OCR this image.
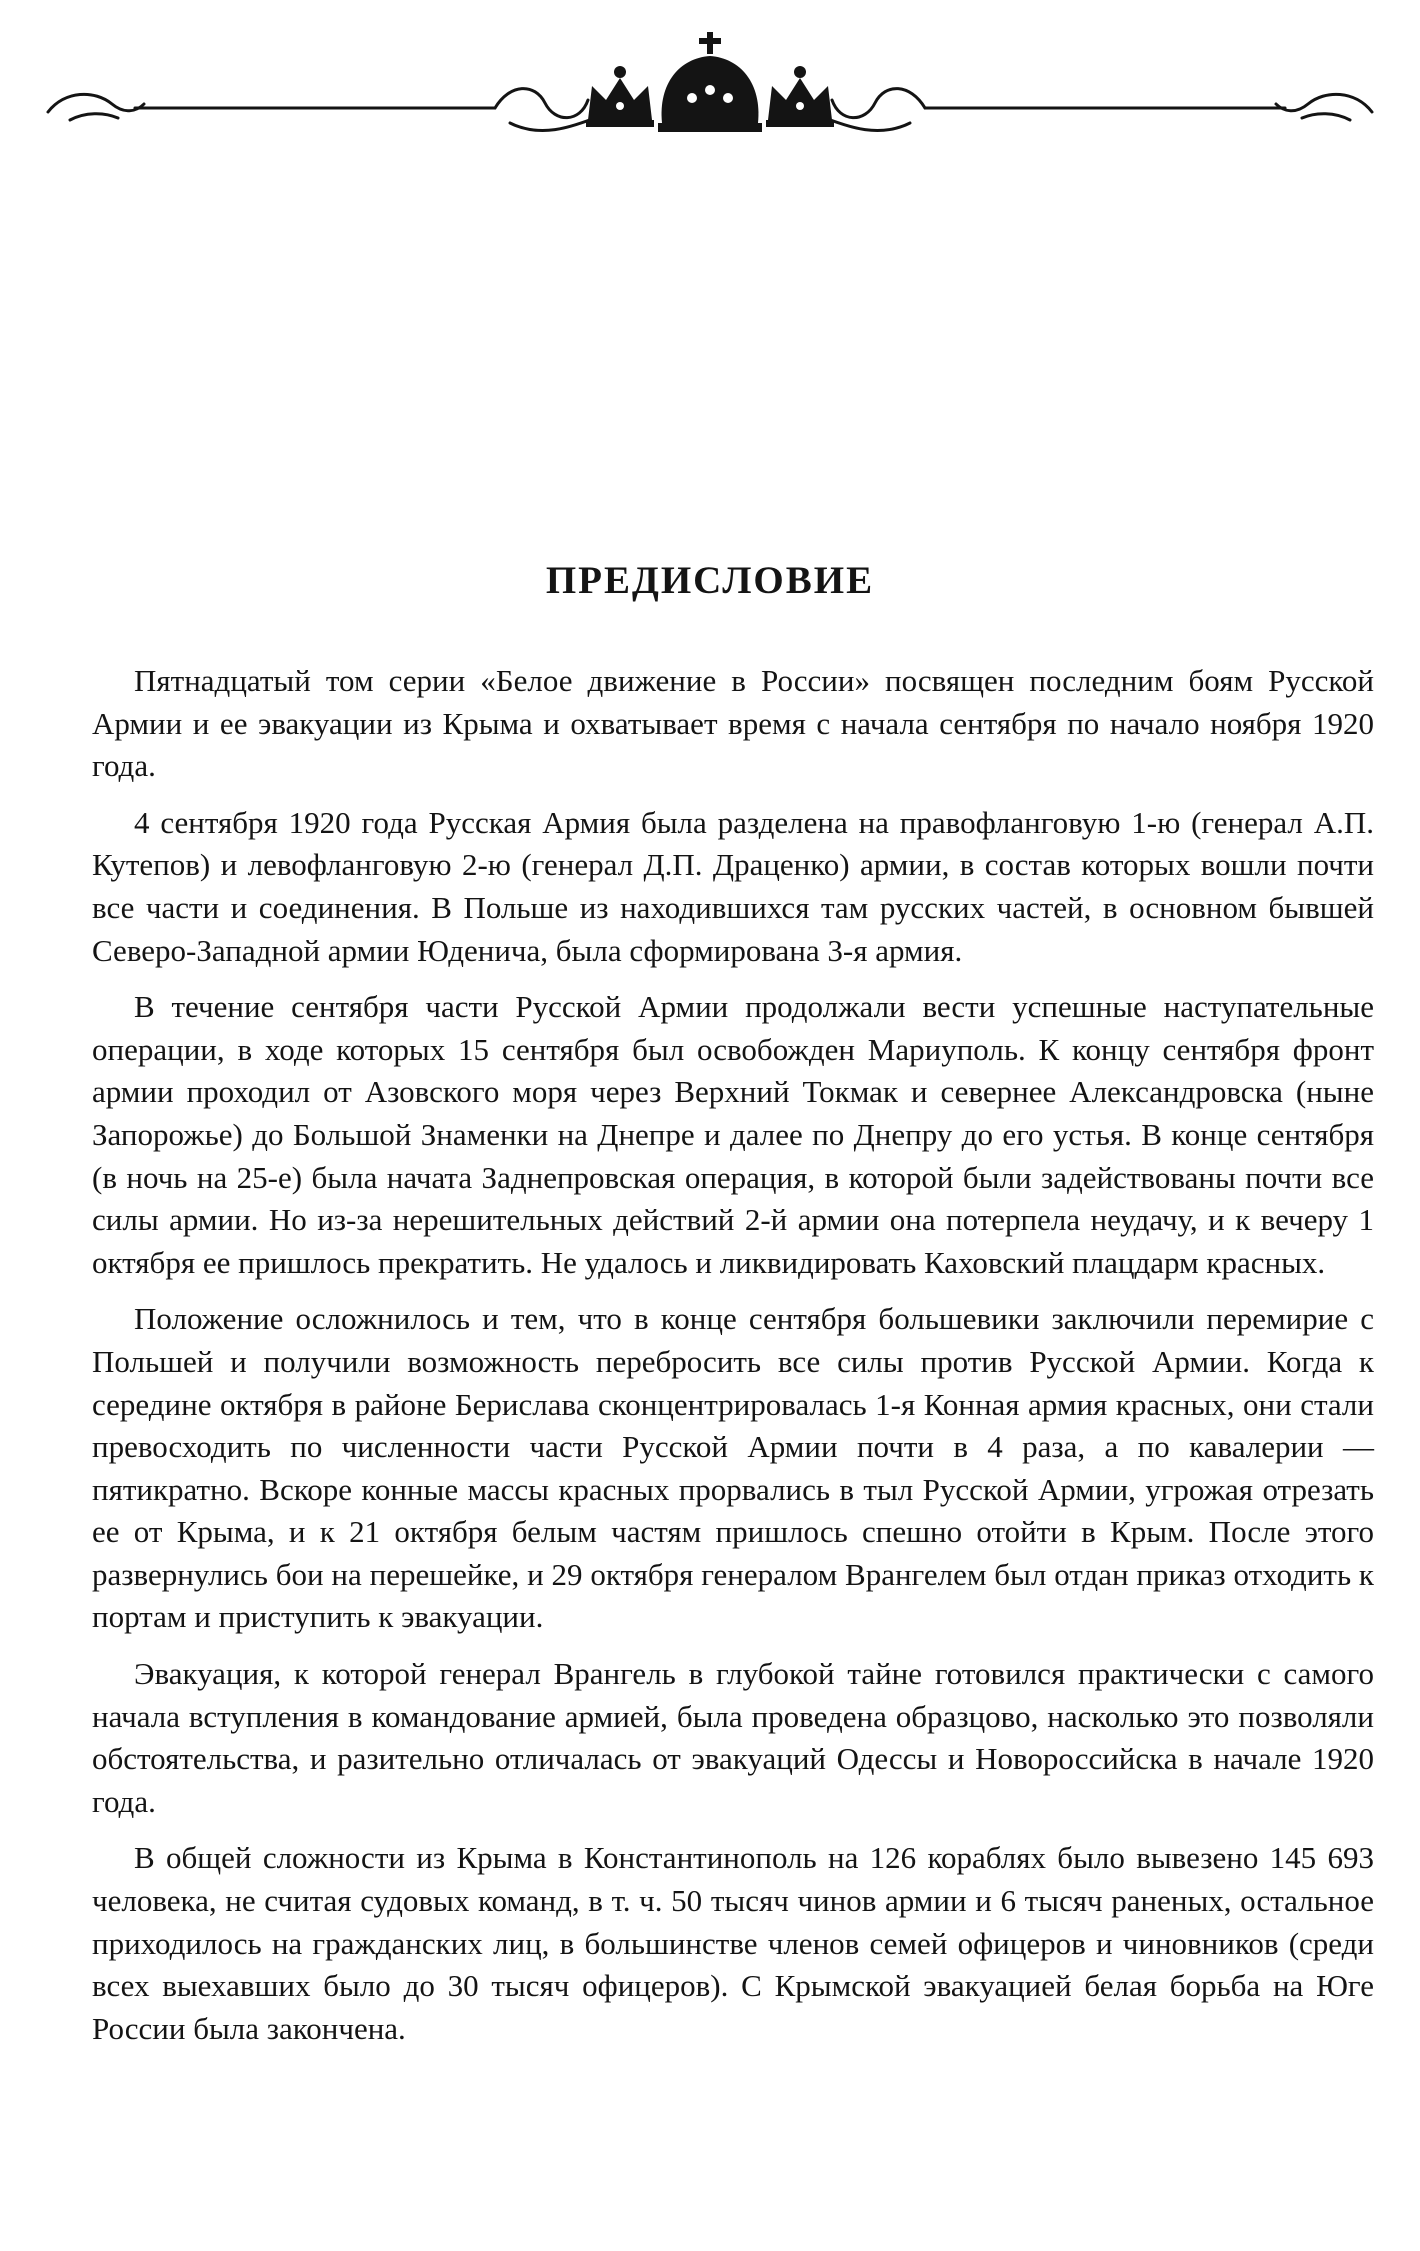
ПРЕДИСЛОВИЕ

Пятнадцатый том серии «Белое движение в России» посвящен последним боям Русской Армии и ее эвакуации из Крыма и охватывает время с начала сентября по начало ноября 1920 года.

4 сентября 1920 года Русская Армия была разделена на правофланговую 1-ю (генерал А.П. Кутепов) и левофланговую 2-ю (генерал Д.П. Драценко) армии, в состав которых вошли почти все части и соединения. В Польше из находившихся там русских частей, в основном бывшей Северо-Западной армии Юденича, была сформирована 3-я армия.

В течение сентября части Русской Армии продолжали вести успешные наступательные операции, в ходе которых 15 сентября был освобожден Мариуполь. К концу сентября фронт армии проходил от Азовского моря через Верхний Токмак и севернее Александровска (ныне Запорожье) до Большой Знаменки на Днепре и далее по Днепру до его устья. В конце сентября (в ночь на 25-е) была начата Заднепровская операция, в которой были задействованы почти все силы армии. Но из-за нерешительных действий 2-й армии она потерпела неудачу, и к вечеру 1 октября ее пришлось прекратить. Не удалось и ликвидировать Каховский плацдарм красных.

Положение осложнилось и тем, что в конце сентября большевики заключили перемирие с Польшей и получили возможность перебросить все силы против Русской Армии. Когда к середине октября в районе Берислава сконцентрировалась 1-я Конная армия красных, они стали превосходить по численности части Русской Армии почти в 4 раза, а по кавалерии — пятикратно. Вскоре конные массы красных прорвались в тыл Русской Армии, угрожая отрезать ее от Крыма, и к 21 октября белым частям пришлось спешно отойти в Крым. После этого развернулись бои на перешейке, и 29 октября генералом Врангелем был отдан приказ отходить к портам и приступить к эвакуации.

Эвакуация, к которой генерал Врангель в глубокой тайне готовился практически с самого начала вступления в командование армией, была проведена образцово, насколько это позволяли обстоятельства, и разительно отличалась от эвакуаций Одессы и Новороссийска в начале 1920 года.

В общей сложности из Крыма в Константинополь на 126 кораблях было вывезено 145 693 человека, не считая судовых команд, в т. ч. 50 тысяч чинов армии и 6 тысяч раненых, остальное приходилось на гражданских лиц, в большинстве членов семей офицеров и чиновников (среди всех выехавших было до 30 тысяч офицеров). С Крымской эвакуацией белая борьба на Юге России была закончена.
